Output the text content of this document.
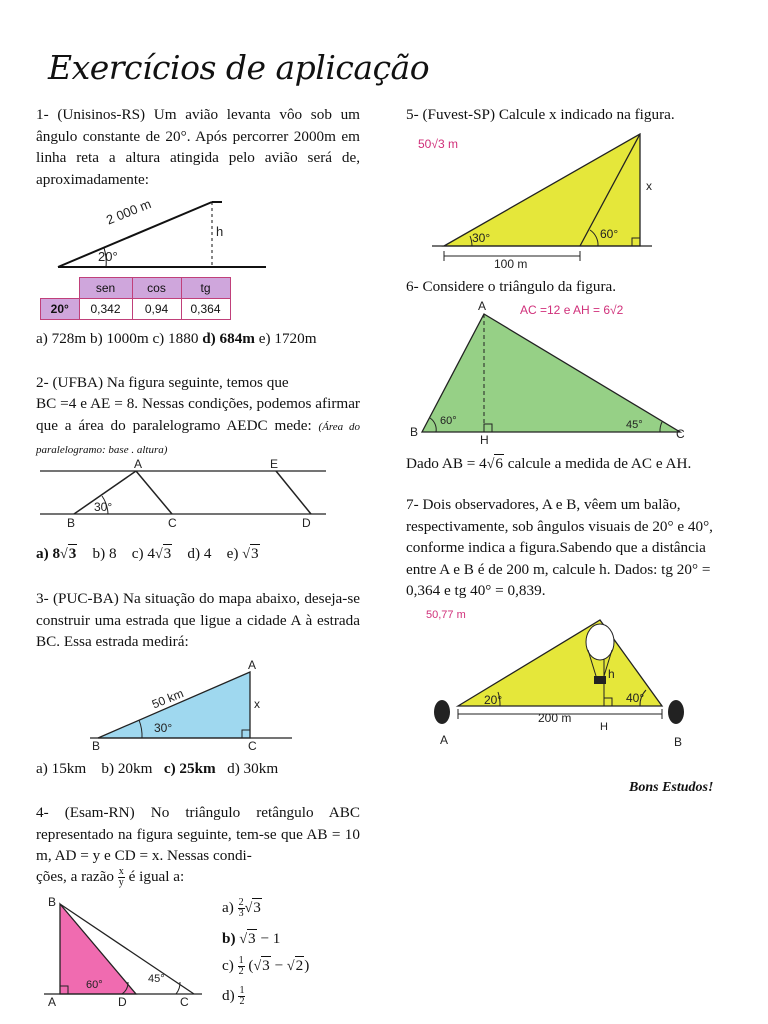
Exercícios de aplicação
1- (Unisinos-RS) Um avião levanta vôo sob um ângulo constante de 20°. Após percorrer 2000m em linha reta a altura atingida pelo avião será de, aproximadamente:
2 000 m
20°
h
	sen	cos	tg
20°	0,342	0,94	0,364
a) 728m b) 1000m c) 1880 d) 684m e) 1720m
2- (UFBA) Na figura seguinte, temos que
BC =4 e AE = 8. Nessas condições, podemos afirmar que a área do paralelogramo AEDC mede: (Área do paralelogramo: base . altura)
A	E
B	C	D
30°
a) 8√3 b) 8 c) 4√3 d) 4 e) √3
3- (PUC-BA) Na situação do mapa abaixo, deseja-se construir uma estrada que ligue a cidade A à estrada BC. Essa estrada medirá:
50 km
30°
x
A
B	C
a) 15km b) 20km c) 25km d) 30km
4- (Esam-RN) No triângulo retângulo ABC representado na figura seguinte, tem-se que AB = 10 m, AD = y e CD = x. Nessas condi-
ções, a razão $\frac{x}{y}$ é igual a:
B
A	D	C
60°	45°
$a) \frac{2}{3} √3$
b) √3 − 1
$c) \frac{1}{2} (√3 - √2)$
$d) \frac{1}{2}$
5- (Fuvest-SP) Calcule x indicado na figura.
50√3 m
30°	60°
100 m
x
6- Considere o triângulo da figura.
A
B	C
H
60°	45°
AC =12 e AH = 6√2
Dado AB = 4√6 calcule a medida de AC e AH.
7- Dois observadores, A e B, vêem um balão, respectivamente, sob ângulos visuais de 20° e 40°, conforme indica a figura.Sabendo que a distância entre A e B é de 200 m, calcule h. Dados: tg 20° = 0,364 e tg 40° = 0,839.
50,77 m
20°	40°
200 m
h
H
A	B
Bons Estudos!
